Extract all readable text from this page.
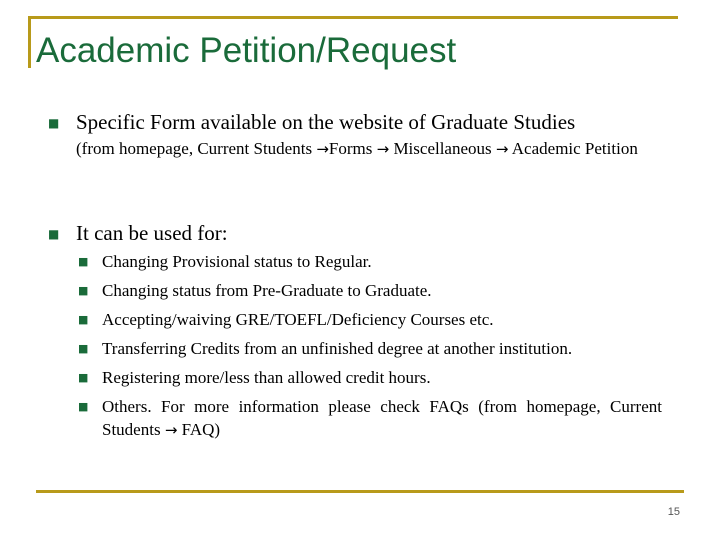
Academic Petition/Request
■ Specific Form available on the website of Graduate Studies
(from homepage, Current Students →Forms → Miscellaneous → Academic Petition
■ It can be used for:
■ Changing Provisional status to Regular.
■ Changing status from Pre-Graduate to Graduate.
■ Accepting/waiving GRE/TOEFL/Deficiency Courses etc.
■ Transferring Credits from an unfinished degree at another institution.
■ Registering more/less than allowed credit hours.
■ Others. For more information please check FAQs (from homepage, Current Students → FAQ)
15
